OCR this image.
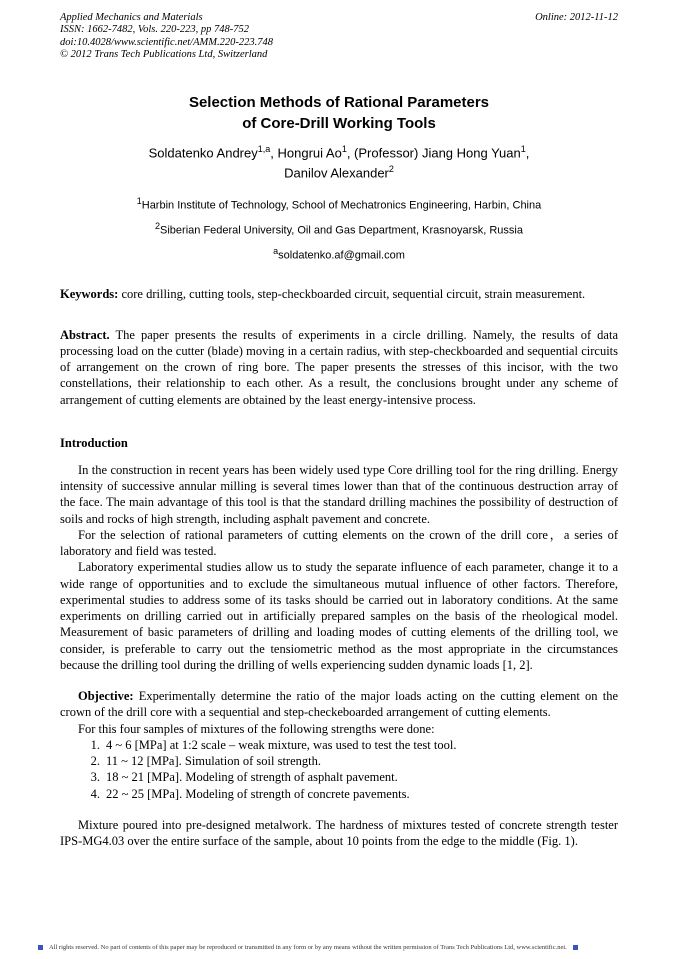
Applied Mechanics and Materials
ISSN: 1662-7482, Vols. 220-223, pp 748-752
doi:10.4028/www.scientific.net/AMM.220-223.748
© 2012 Trans Tech Publications Ltd, Switzerland
Online: 2012-11-12
Selection Methods of Rational Parameters
of Core-Drill Working Tools
Soldatenko Andrey$^{1,a}$, Hongrui Ao$^1$, (Professor) Jiang Hong Yuan$^1$,
Danilov Alexander$^2$
$^1$Harbin Institute of Technology, School of Mechatronics Engineering, Harbin, China
$^2$Siberian Federal University, Oil and Gas Department, Krasnoyarsk, Russia
$^a$soldatenko.af@gmail.com

Keywords: core drilling, cutting tools, step-checkboarded circuit, sequential circuit, strain measurement.

Abstract. The paper presents the results of experiments in a circle drilling. Namely, the results of data processing load on the cutter (blade) moving in a certain radius, with step-checkboarded and sequential circuits of arrangement on the crown of ring bore. The paper presents the stresses of this incisor, with the two constellations, their relationship to each other. As a result, the conclusions brought under any scheme of arrangement of cutting elements are obtained by the least energy-intensive process.

Introduction

In the construction in recent years has been widely used type Core drilling tool for the ring drilling. Energy intensity of successive annular milling is several times lower than that of the continuous destruction array of the face. The main advantage of this tool is that the standard drilling machines the possibility of destruction of soils and rocks of high strength, including asphalt pavement and concrete.

For the selection of rational parameters of cutting elements on the crown of the drill core，a series of laboratory and field was tested.

Laboratory experimental studies allow us to study the separate influence of each parameter, change it to a wide range of opportunities and to exclude the simultaneous mutual influence of other factors. Therefore, experimental studies to address some of its tasks should be carried out in laboratory conditions. At the same experiments on drilling carried out in artificially prepared samples on the basis of the rheological model. Measurement of basic parameters of drilling and loading modes of cutting elements of the drilling tool, we consider, is preferable to carry out the tensiometric method as the most appropriate in the circumstances because the drilling tool during the drilling of wells experiencing sudden dynamic loads [1, 2].

Objective: Experimentally determine the ratio of the major loads acting on the cutting element on the crown of the drill core with a sequential and step-checkeboarded arrangement of cutting elements.

For this four samples of mixtures of the following strengths were done:

1. 4 ~ 6 [MPa] at 1:2 scale – weak mixture, was used to test the test tool.
2. 11 ~ 12 [MPa]. Simulation of soil strength.
3. 18 ~ 21 [MPa]. Modeling of strength of asphalt pavement.
4. 22 ~ 25 [MPa]. Modeling of strength of concrete pavements.

Mixture poured into pre-designed metalwork. The hardness of mixtures tested of concrete strength tester IPS-MG4.03 over the entire surface of the sample, about 10 points from the edge to the middle (Fig. 1).

All rights reserved. No part of contents of this paper may be reproduced or transmitted in any form or by any means without the written permission of Trans Tech Publications Ltd, www.scientific.net.
